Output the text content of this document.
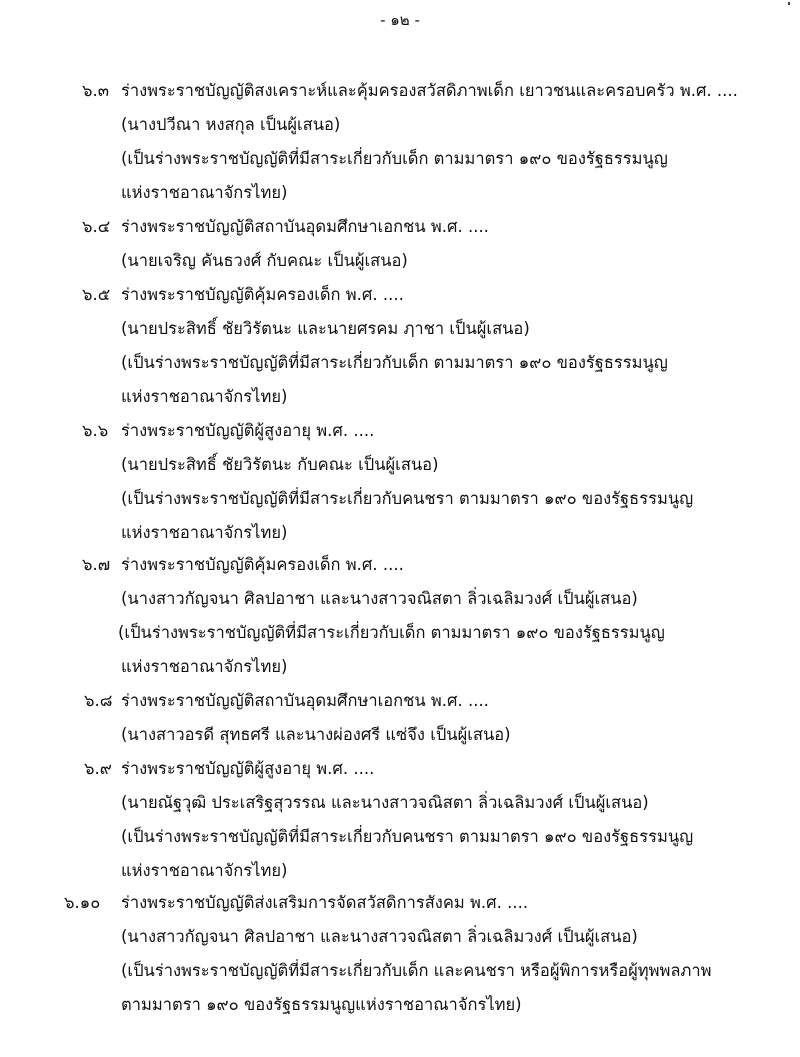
- ๑๒ -
๖.๓ ร่างพระราชบัญญัติสงเคราะห์และคุ้มครองสวัสดิภาพเด็ก เยาวชนและครอบครัว พ.ศ. ....
(นางปวีณา หงสกุล เป็นผู้เสนอ)
(เป็นร่างพระราชบัญญัติที่มีสาระเกี่ยวกับเด็ก ตามมาตรา ๑๙๐ ของรัฐธรรมนูญ
แห่งราชอาณาจักรไทย)
๖.๔ ร่างพระราชบัญญัติสถาบันอุดมศึกษาเอกชน พ.ศ. ....
(นายเจริญ คันธวงศ์ กับคณะ เป็นผู้เสนอ)
๖.๕ ร่างพระราชบัญญัติคุ้มครองเด็ก พ.ศ. ....
(นายประสิทธิ์ ชัยวิรัตนะ และนายศรคม ฦาชา เป็นผู้เสนอ)
(เป็นร่างพระราชบัญญัติที่มีสาระเกี่ยวกับเด็ก ตามมาตรา ๑๙๐ ของรัฐธรรมนูญ
แห่งราชอาณาจักรไทย)
๖.๖ ร่างพระราชบัญญัติผู้สูงอายุ พ.ศ. ....
(นายประสิทธิ์ ชัยวิรัตนะ กับคณะ เป็นผู้เสนอ)
(เป็นร่างพระราชบัญญัติที่มีสาระเกี่ยวกับคนชรา ตามมาตรา ๑๙๐ ของรัฐธรรมนูญ
แห่งราชอาณาจักรไทย)
๖.๗ ร่างพระราชบัญญัติคุ้มครองเด็ก พ.ศ. ....
(นางสาวกัญจนา ศิลปอาชา และนางสาวจณิสตา ลิ่วเฉลิมวงศ์ เป็นผู้เสนอ)
(เป็นร่างพระราชบัญญัติที่มีสาระเกี่ยวกับเด็ก ตามมาตรา ๑๙๐ ของรัฐธรรมนูญ
แห่งราชอาณาจักรไทย)
๖.๘ ร่างพระราชบัญญัติสถาบันอุดมศึกษาเอกชน พ.ศ. ....
(นางสาวอรดี สุทธศรี และนางผ่องศรี แซ่จึง เป็นผู้เสนอ)
๖.๙ ร่างพระราชบัญญัติผู้สูงอายุ พ.ศ. ....
(นายณัฐวุฒิ ประเสริฐสุวรรณ และนางสาวจณิสตา ลิ่วเฉลิมวงศ์ เป็นผู้เสนอ)
(เป็นร่างพระราชบัญญัติที่มีสาระเกี่ยวกับคนชรา ตามมาตรา ๑๙๐ ของรัฐธรรมนูญ
แห่งราชอาณาจักรไทย)
๖.๑๐ ร่างพระราชบัญญัติส่งเสริมการจัดสวัสดิการสังคม พ.ศ. ....
(นางสาวกัญจนา ศิลปอาชา และนางสาวจณิสตา ลิ่วเฉลิมวงศ์ เป็นผู้เสนอ)
(เป็นร่างพระราชบัญญัติที่มีสาระเกี่ยวกับเด็ก และคนชรา หรือผู้พิการหรือผู้ทุพพลภาพ
ตามมาตรา ๑๙๐ ของรัฐธรรมนูญแห่งราชอาณาจักรไทย)
